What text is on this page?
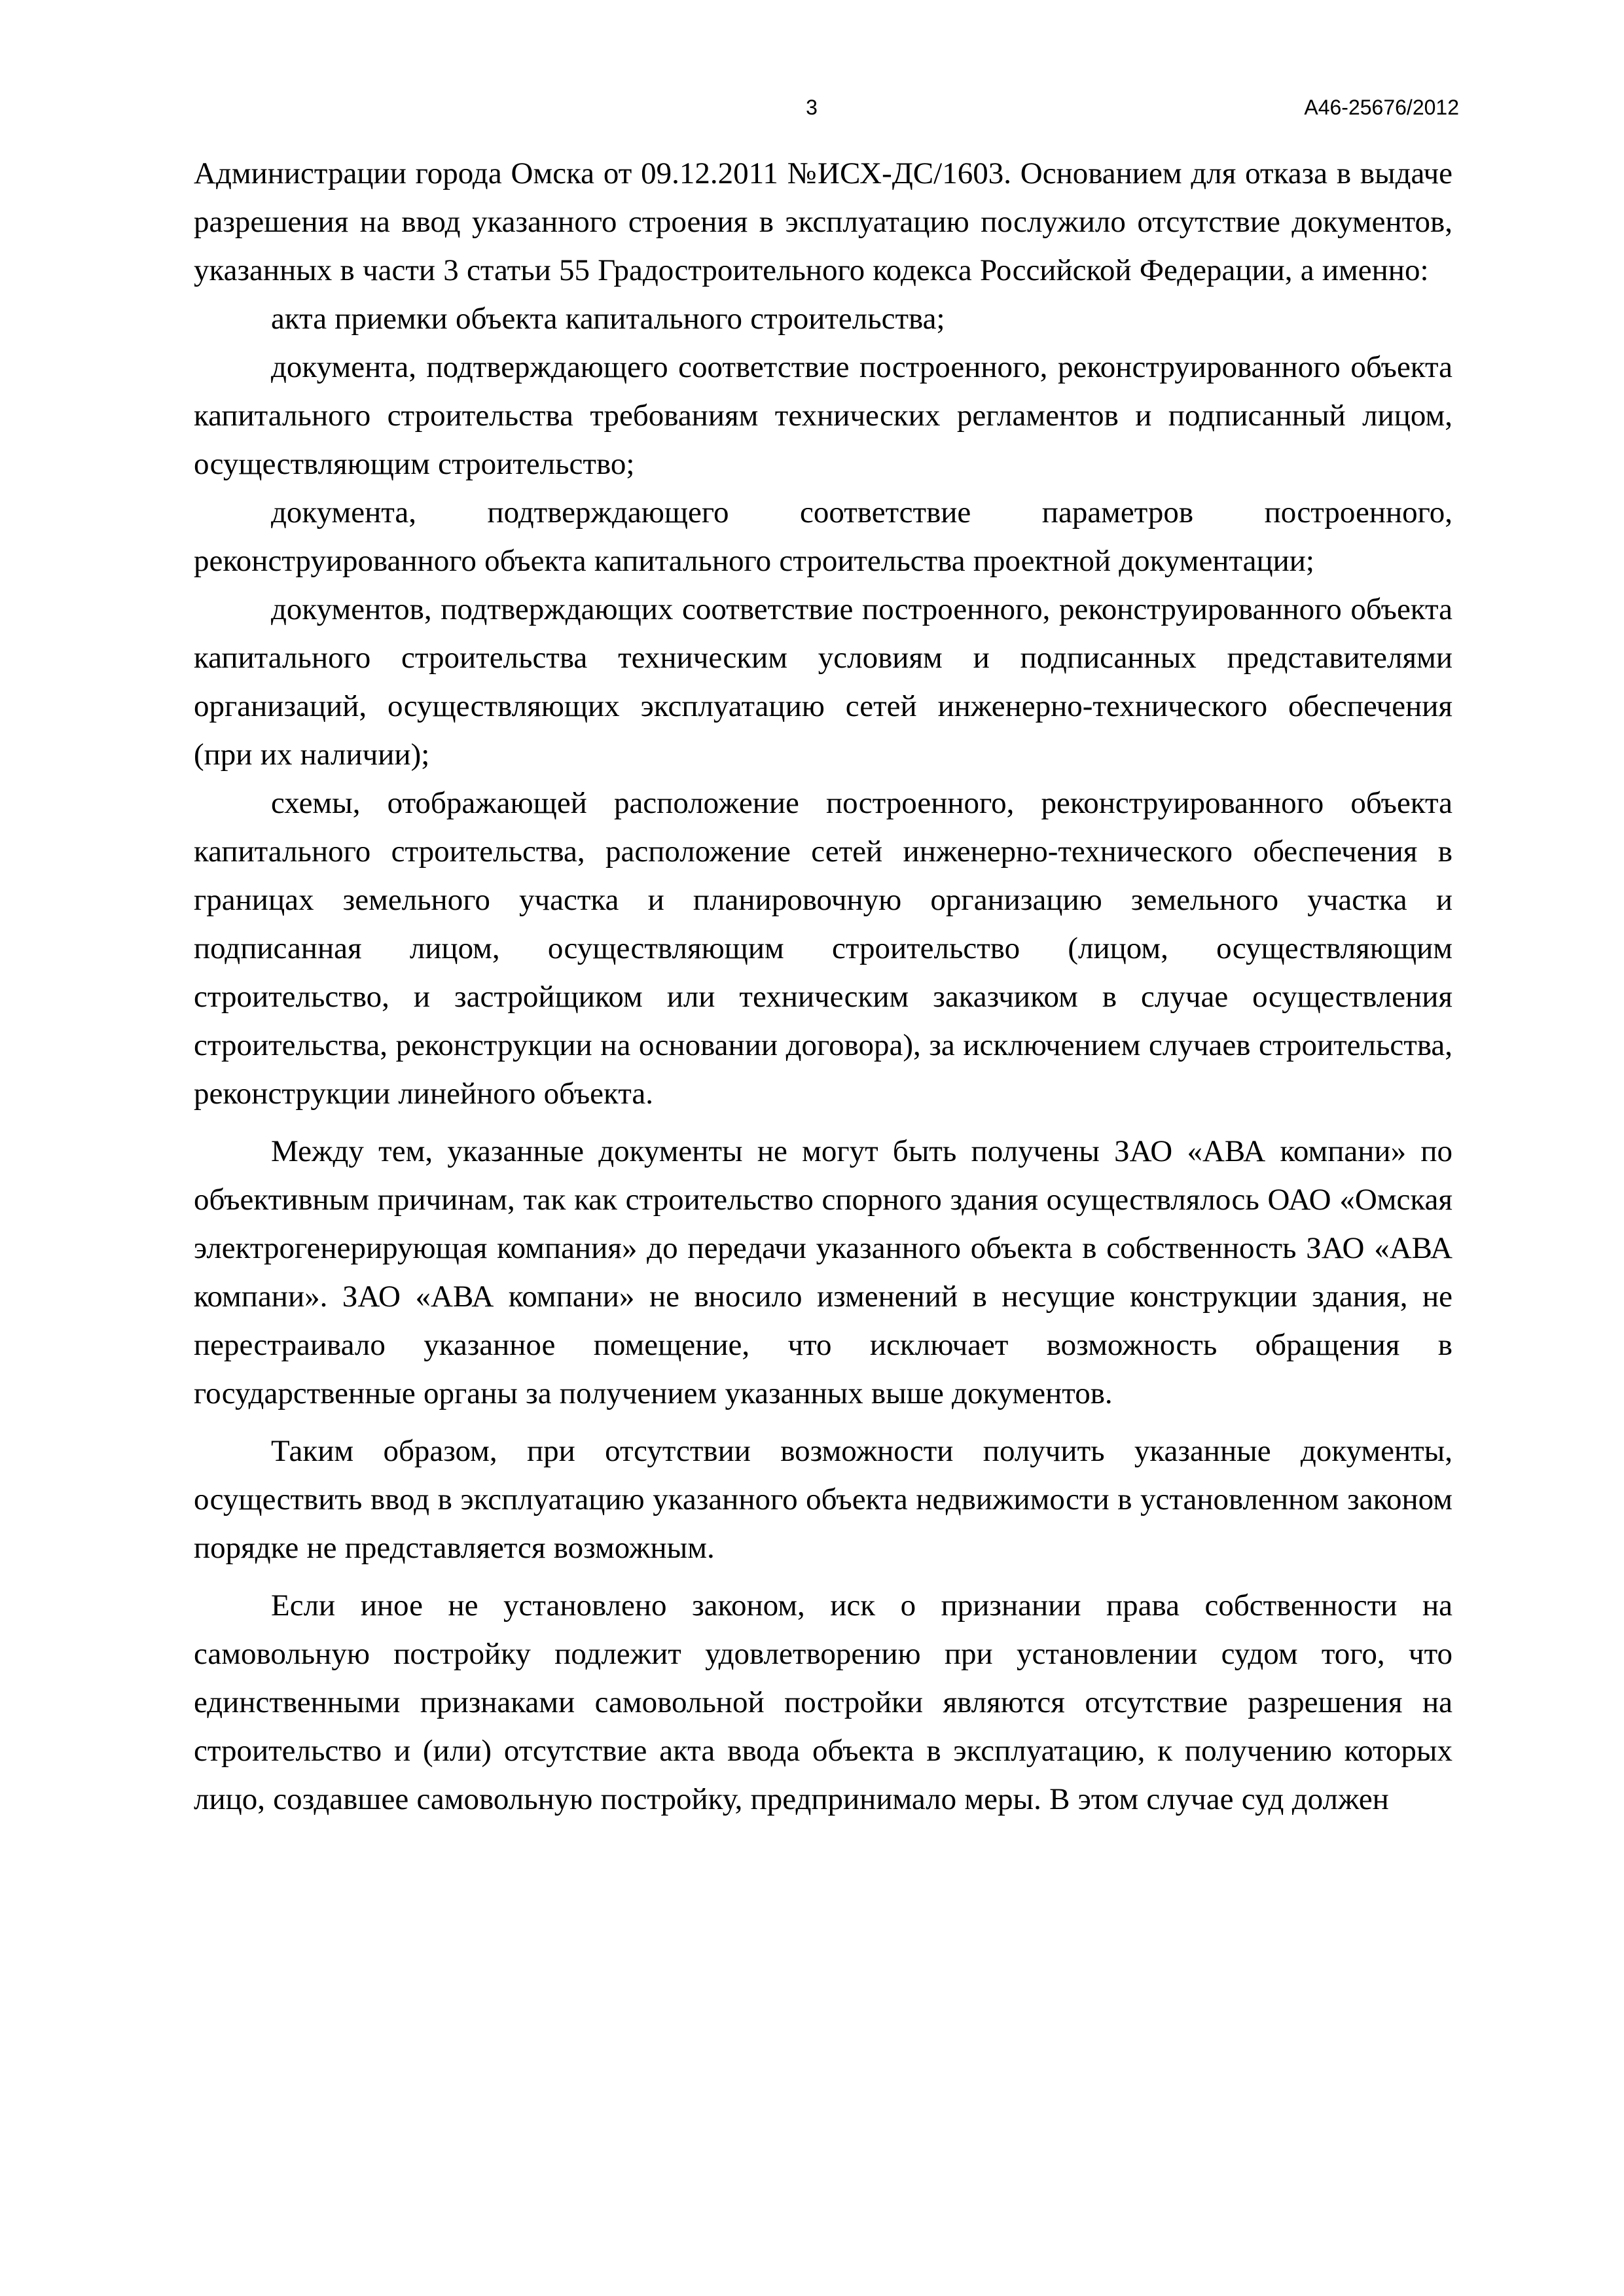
3	А46-25676/2012

Администрации города Омска от 09.12.2011 №ИСХ-ДС/1603. Основанием для отказа в выдаче разрешения на ввод указанного строения в эксплуатацию послужило отсутствие документов, указанных в части 3 статьи 55 Градостроительного кодекса Российской Федерации, а именно:

акта приемки объекта капитального строительства;

документа, подтверждающего соответствие построенного, реконструированного объекта капитального строительства требованиям технических регламентов и подписанный лицом, осуществляющим строительство;

документа, подтверждающего соответствие параметров построенного, реконструированного объекта капитального строительства проектной документации;

документов, подтверждающих соответствие построенного, реконструированного объекта капитального строительства техническим условиям и подписанных представителями организаций, осуществляющих эксплуатацию сетей инженерно-технического обеспечения (при их наличии);

схемы, отображающей расположение построенного, реконструированного объекта капитального строительства, расположение сетей инженерно-технического обеспечения в границах земельного участка и планировочную организацию земельного участка и подписанная лицом, осуществляющим строительство (лицом, осуществляющим строительство, и застройщиком или техническим заказчиком в случае осуществления строительства, реконструкции на основании договора), за исключением случаев строительства, реконструкции линейного объекта.

Между тем, указанные документы не могут быть получены ЗАО «АВА компани» по объективным причинам, так как строительство спорного здания осуществлялось ОАО «Омская электрогенерирующая компания» до передачи указанного объекта в собственность ЗАО «АВА компани». ЗАО «АВА компани» не вносило изменений в несущие конструкции здания, не перестраивало указанное помещение, что исключает возможность обращения в государственные органы за получением указанных выше документов.

Таким образом, при отсутствии возможности получить указанные документы, осуществить ввод в эксплуатацию указанного объекта недвижимости в установленном законом порядке не представляется возможным.

Если иное не установлено законом, иск о признании права собственности на самовольную постройку подлежит удовлетворению при установлении судом того, что единственными признаками самовольной постройки являются отсутствие разрешения на строительство и (или) отсутствие акта ввода объекта в эксплуатацию, к получению которых лицо, создавшее самовольную постройку, предпринимало меры. В этом случае суд должен
